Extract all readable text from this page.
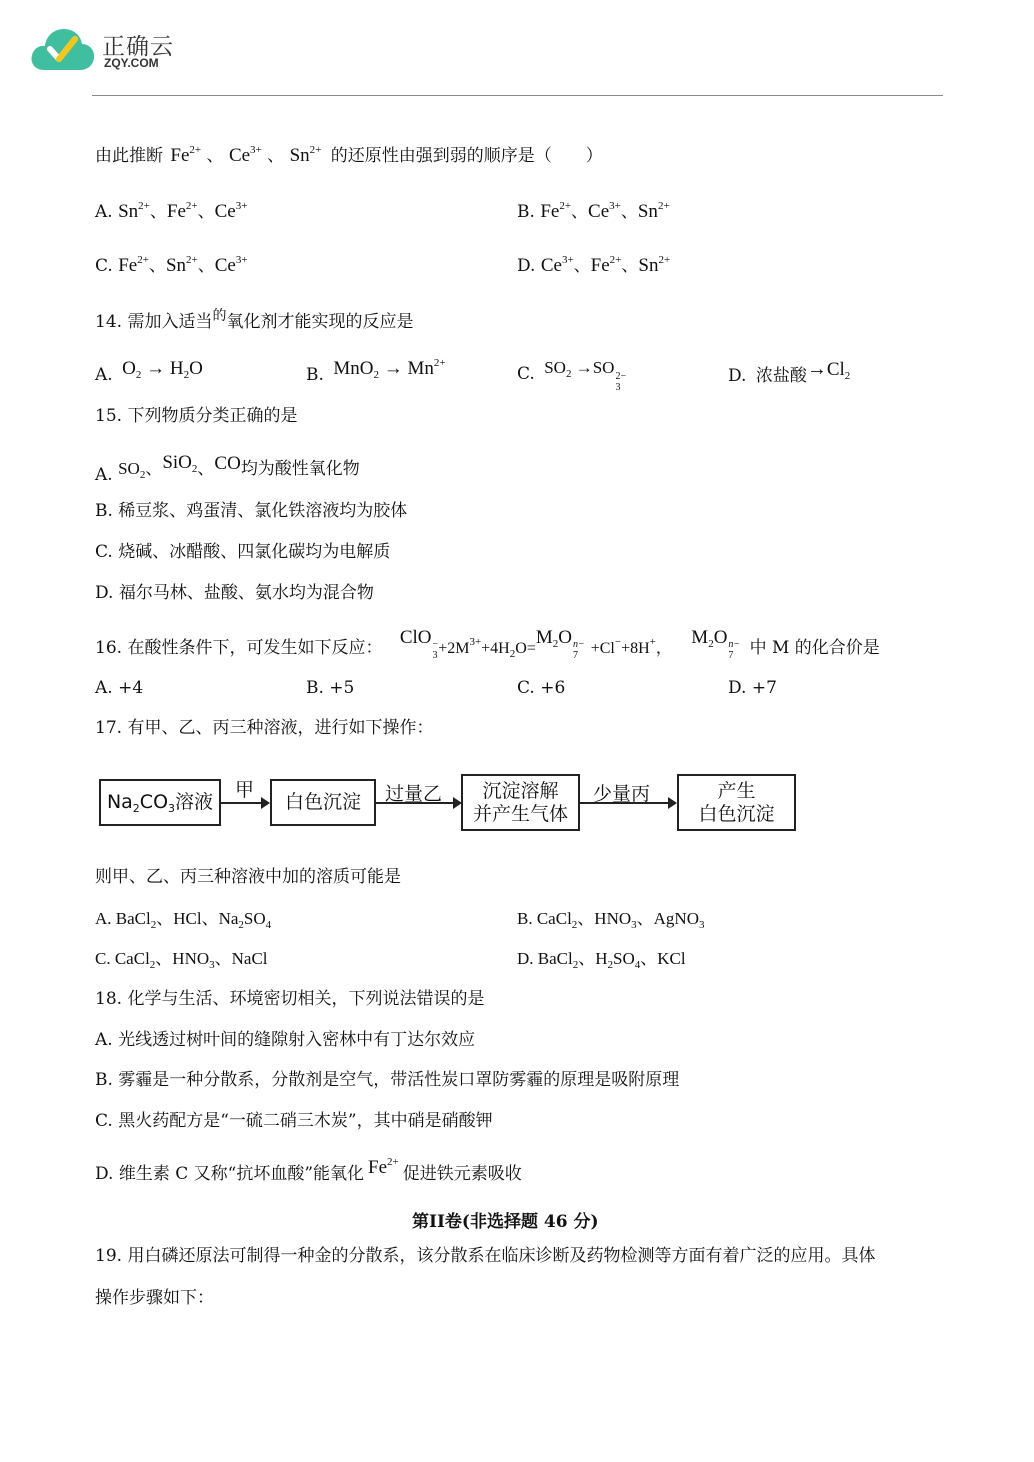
正确云
ZQY.COM
由此推断 $Fe^{2+}$ 、 $Ce^{3+}$ 、 $Sn^{2+}$ 的还原性由强到弱的顺序是（　　）
A. $Sn^{2+}$、$Fe^{2+}$、$Ce^{3+}$	B. $Fe^{2+}$、$Ce^{3+}$、$Sn^{2+}$
C. $Fe^{2+}$、$Sn^{2+}$、$Ce^{3+}$	D. $Ce^{3+}$、$Fe^{2+}$、$Sn^{2+}$
14. 需加入适当$^的$氧化剂才能实现的反应是
A. $O_2 \to H_2O$	B. $MnO_2 \to Mn^{2+}$
C. $SO_2 \to SO$ 2−
3
D. 浓盐酸$\to Cl_2$
15. 下列物质分类正确的是
A. $SO_2$、SiO$_2$、CO均为酸性氧化物
B. 稀豆浆、鸡蛋清、氯化铁溶液均为胶体
C. 烧碱、冰醋酸、四氯化碳均为电解质
D. 福尔马林、盐酸、氨水均为混合物
16. 在酸性条件下，可发生如下反应： ClO −
$3 +2M^{3+}+4H_2O=M_2O$ n−
7 +Cl−+8H+， $M_2O$ n−
7 中 M 的化合价是
A. +4	B. +5	C. +6	D. +7
17. 有甲、乙、丙三种溶液，进行如下操作：
$Na_2CO_3$溶液
甲
白色沉淀 过量乙 沉淀溶解
并产生气体
少量丙	产生
白色沉淀
则甲、乙、丙三种溶液中加的溶质可能是
A. BaCl$_2$、HCl、$Na_2SO_4$	B. CaCl$_2$、$HNO_3$、AgNO$_3$
C. CaCl$_2$、$HNO_3$、NaCl	D. BaCl$_2$、$H_2SO_4$、KCl
18. 化学与生活、环境密切相关，下列说法错误的是
A. 光线透过树叶间的缝隙射入密林中有丁达尔效应
B. 雾霾是一种分散系，分散剂是空气，带活性炭口罩防雾霾的原理是吸附原理
C. 黑火药配方是“一硫二硝三木炭”，其中硝是硝酸钾
D. 维生素 C 又称“抗坏血酸”能氧化 $Fe^{2+}$促进铁元素吸收
第II卷(非选择题 46 分)
19. 用白磷还原法可制得一种金的分散系，该分散系在临床诊断及药物检测等方面有着广泛的应用。具体
操作步骤如下：
